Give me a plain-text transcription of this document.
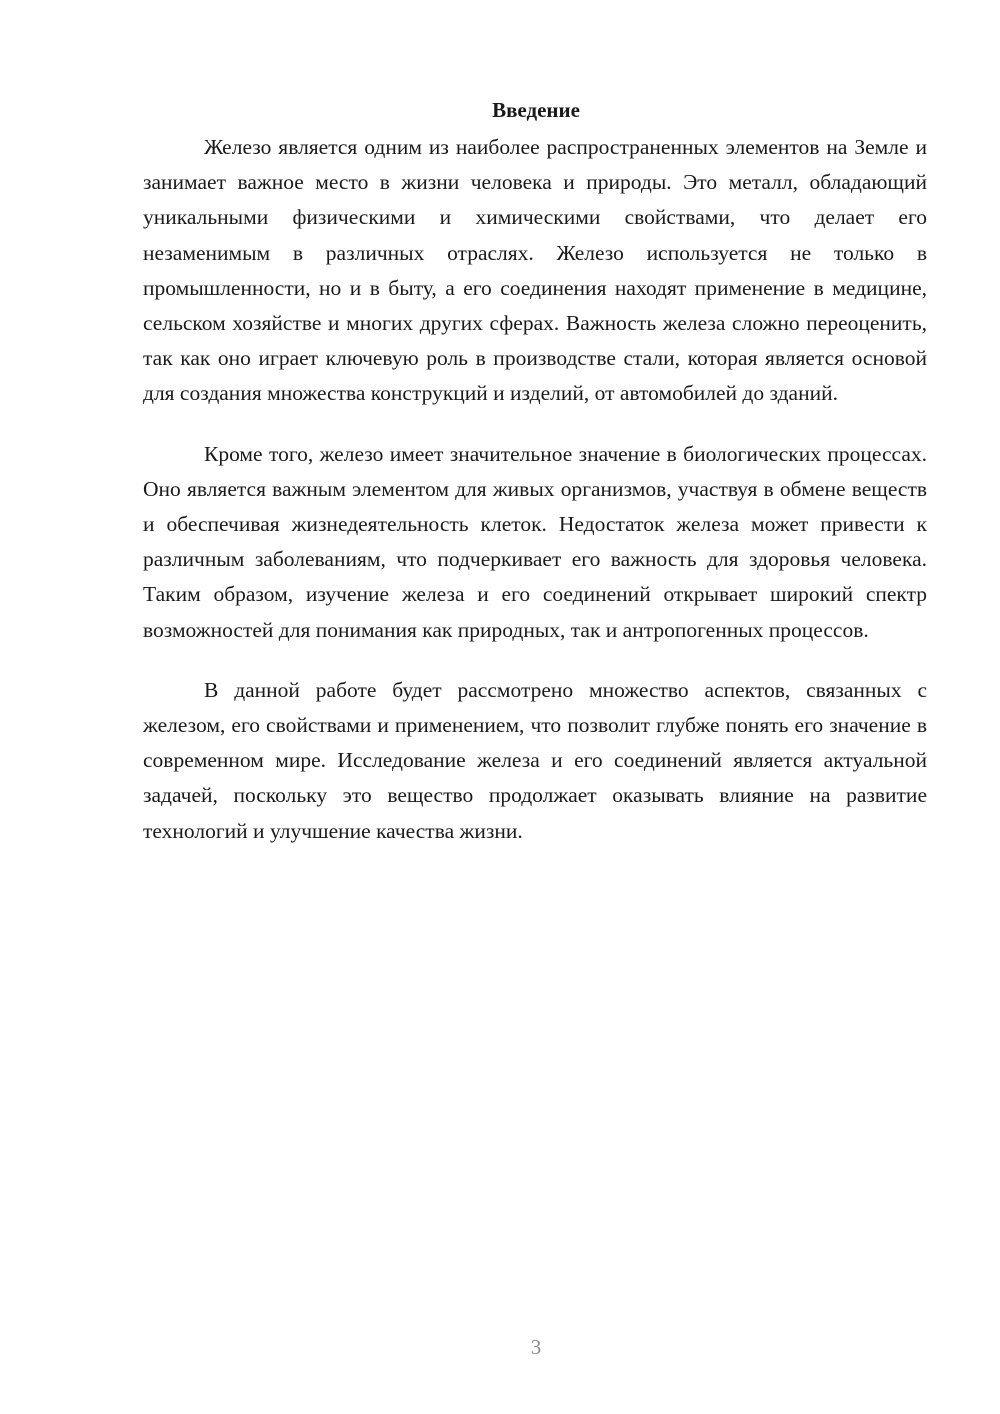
Введение

Железо является одним из наиболее распространенных элементов на Земле и занимает важное место в жизни человека и природы. Это металл, обладающий уникальными физическими и химическими свойствами, что делает его незаменимым в различных отраслях. Железо используется не только в промышленности, но и в быту, а его соединения находят применение в медицине, сельском хозяйстве и многих других сферах. Важность железа сложно переоценить, так как оно играет ключевую роль в производстве стали, которая является основой для создания множества конструкций и изделий, от автомобилей до зданий.

Кроме того, железо имеет значительное значение в биологических процессах. Оно является важным элементом для живых организмов, участвуя в обмене веществ и обеспечивая жизнедеятельность клеток. Недостаток железа может привести к различным заболеваниям, что подчеркивает его важность для здоровья человека. Таким образом, изучение железа и его соединений открывает широкий спектр возможностей для понимания как природных, так и антропогенных процессов.

В данной работе будет рассмотрено множество аспектов, связанных с железом, его свойствами и применением, что позволит глубже понять его значение в современном мире. Исследование железа и его соединений является актуальной задачей, поскольку это вещество продолжает оказывать влияние на развитие технологий и улучшение качества жизни.

3
